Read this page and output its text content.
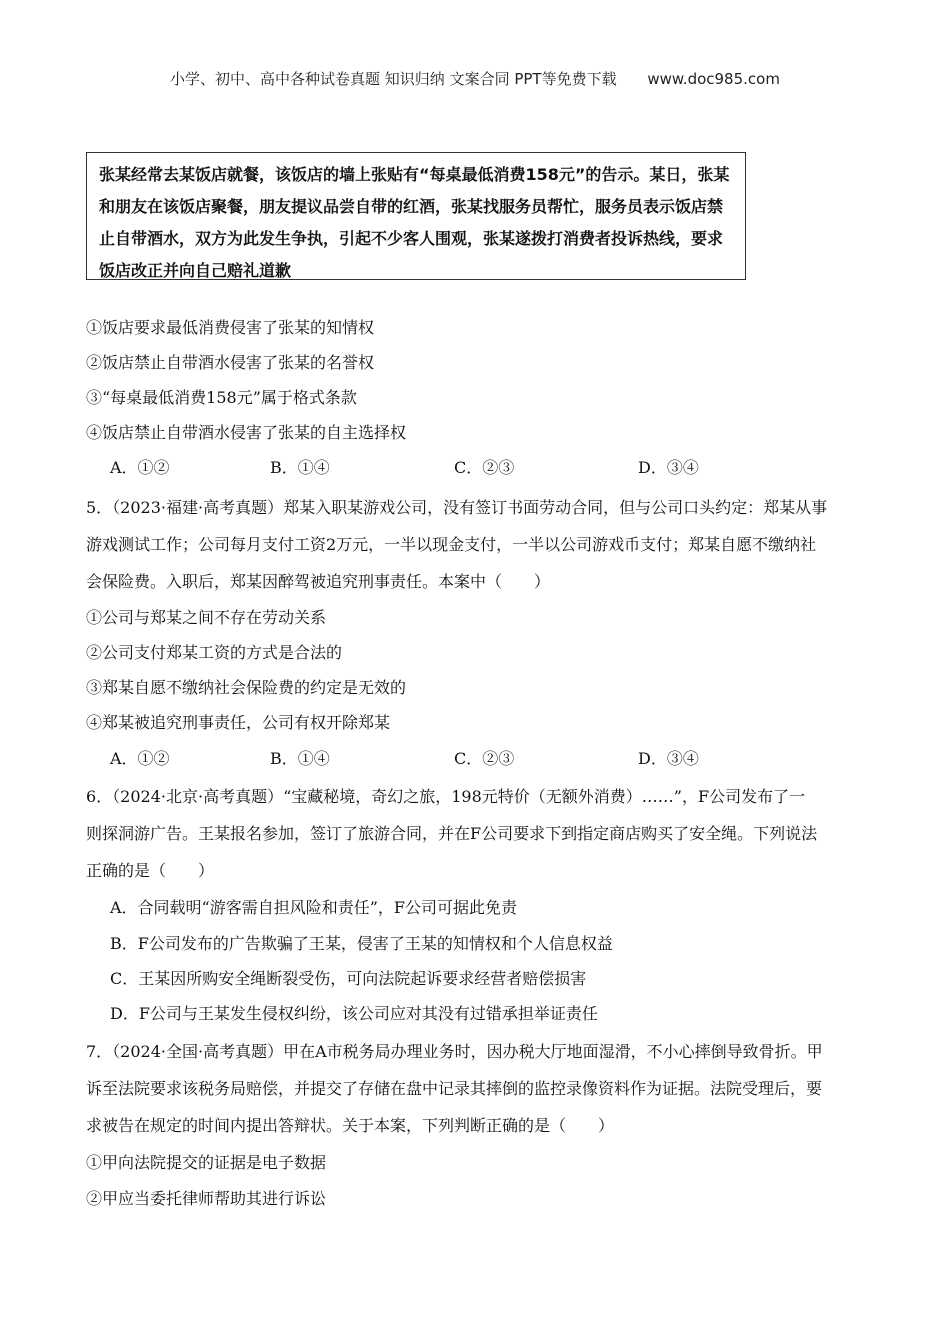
小学、初中、高中各种试卷真题 知识归纳 文案合同 PPT等免费下载 www.doc985.com
张某经常去某饭店就餐，该饭店的墙上张贴有“每桌最低消费158元”的告示。某日，张某和朋友在该饭店聚餐，朋友提议品尝自带的红酒，张某找服务员帮忙，服务员表示饭店禁止自带酒水，双方为此发生争执，引起不少客人围观，张某遂拨打消费者投诉热线，要求饭店改正并向自己赔礼道歉
①饭店要求最低消费侵害了张某的知情权
②饭店禁止自带酒水侵害了张某的名誉权
③“每桌最低消费158元”属于格式条款
④饭店禁止自带酒水侵害了张某的自主选择权
A．①②	B．①④	C．②③	D．③④
5．（2023·福建·高考真题）郑某入职某游戏公司，没有签订书面劳动合同，但与公司口头约定：郑某从事
游戏测试工作；公司每月支付工资2万元，一半以现金支付，一半以公司游戏币支付；郑某自愿不缴纳社
会保险费。入职后，郑某因醉驾被追究刑事责任。本案中（　　）
①公司与郑某之间不存在劳动关系
②公司支付郑某工资的方式是合法的
③郑某自愿不缴纳社会保险费的约定是无效的
④郑某被追究刑事责任，公司有权开除郑某
A．①②	B．①④	C．②③	D．③④
6．（2024·北京·高考真题）“宝藏秘境，奇幻之旅，198元特价（无额外消费）……”，F公司发布了一
则探洞游广告。王某报名参加，签订了旅游合同，并在F公司要求下到指定商店购买了安全绳。下列说法
正确的是（　　）
A．合同载明“游客需自担风险和责任”，F公司可据此免责
B．F公司发布的广告欺骗了王某，侵害了王某的知情权和个人信息权益
C．王某因所购安全绳断裂受伤，可向法院起诉要求经营者赔偿损害
D．F公司与王某发生侵权纠纷，该公司应对其没有过错承担举证责任
7．（2024·全国·高考真题）甲在A市税务局办理业务时，因办税大厅地面湿滑，不小心摔倒导致骨折。甲
诉至法院要求该税务局赔偿，并提交了存储在盘中记录其摔倒的监控录像资料作为证据。法院受理后，要
求被告在规定的时间内提出答辩状。关于本案，下列判断正确的是（　　）
①甲向法院提交的证据是电子数据
②甲应当委托律师帮助其进行诉讼
